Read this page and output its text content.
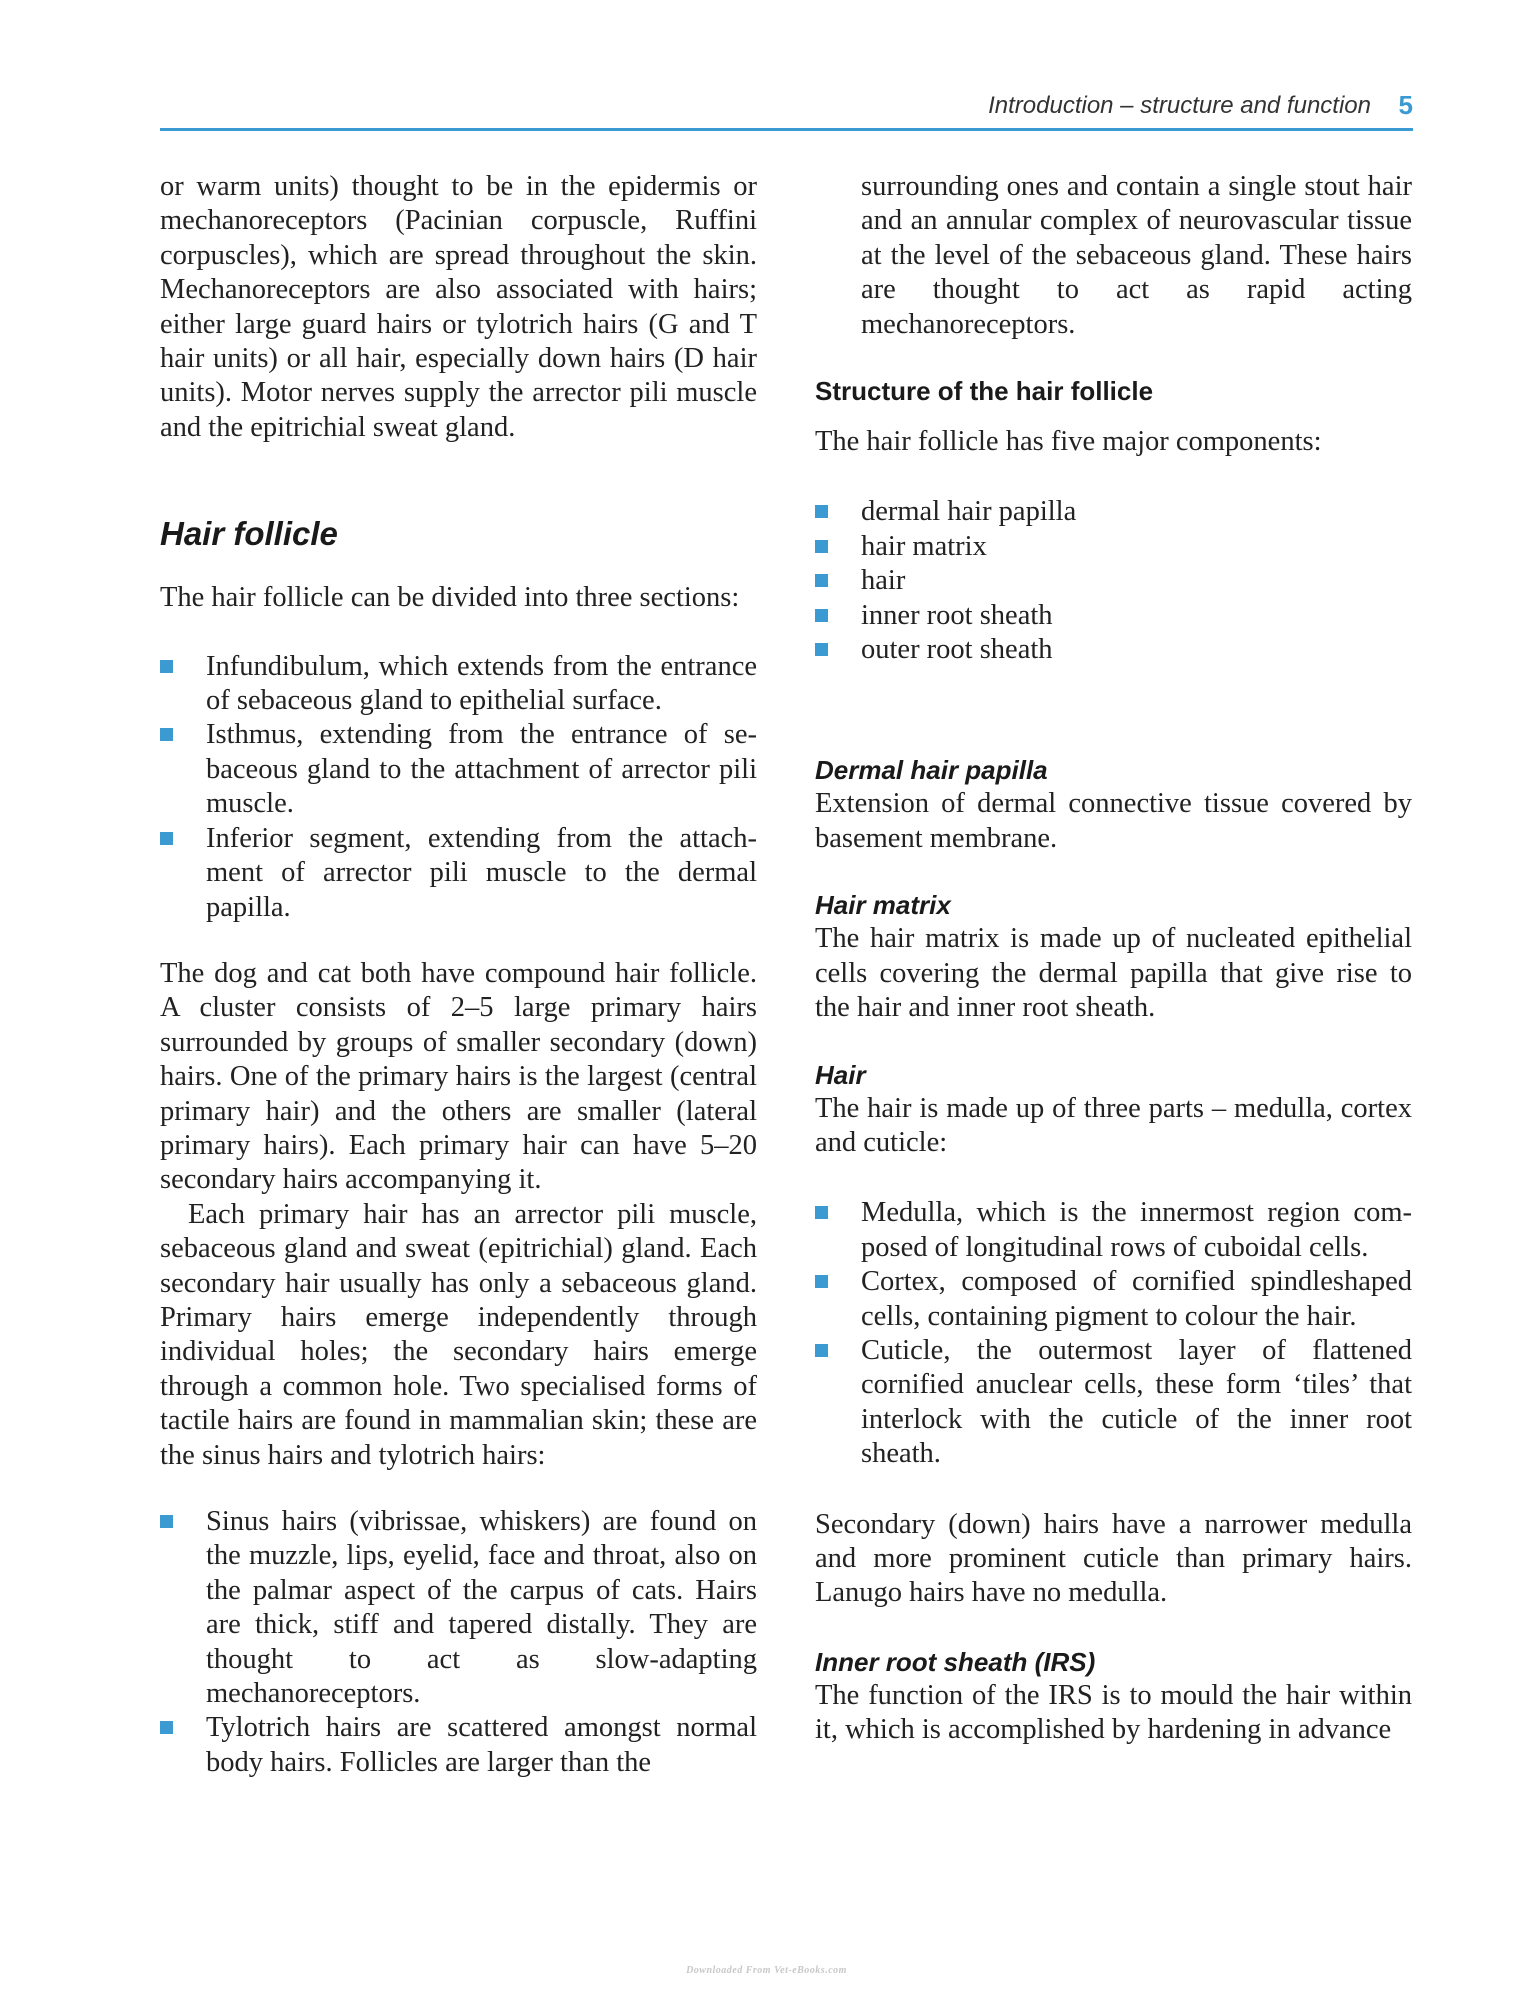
Introduction – structure and function 5

or warm units) thought to be in the epidermis or mechanoreceptors (Pacinian corpuscle, Ruffini corpuscles), which are spread throughout the skin. Mechanoreceptors are also associated with hairs; either large guard hairs or tylotrich hairs (G and T hair units) or all hair, especially down hairs (D hair units). Motor nerves supply the arrector pili muscle and the epitrichial sweat gland.

Hair follicle

The hair follicle can be divided into three sections:

Infundibulum, which extends from the entrance of sebaceous gland to epithelial surface.
Isthmus, extending from the entrance of sebaceous gland to the attachment of arrector pili muscle.
Inferior segment, extending from the attachment of arrector pili muscle to the dermal papilla.

The dog and cat both have compound hair follicle. A cluster consists of 2–5 large primary hairs surrounded by groups of smaller secondary (down) hairs. One of the primary hairs is the largest (central primary hair) and the others are smaller (lateral primary hairs). Each primary hair can have 5–20 secondary hairs accompanying it.

Each primary hair has an arrector pili muscle, sebaceous gland and sweat (epitrichial) gland. Each secondary hair usually has only a sebaceous gland. Primary hairs emerge independently through individual holes; the secondary hairs emerge through a common hole. Two specialised forms of tactile hairs are found in mammalian skin; these are the sinus hairs and tylotrich hairs:

Sinus hairs (vibrissae, whiskers) are found on the muzzle, lips, eyelid, face and throat, also on the palmar aspect of the carpus of cats. Hairs are thick, stiff and tapered distally. They are thought to act as slow-adapting mechanoreceptors.
Tylotrich hairs are scattered amongst normal body hairs. Follicles are larger than the
surrounding ones and contain a single stout hair and an annular complex of neurovascular tissue at the level of the sebaceous gland. These hairs are thought to act as rapid acting mechanoreceptors.
Structure of the hair follicle

The hair follicle has five major components:

dermal hair papilla
hair matrix
hair
inner root sheath
outer root sheath
Dermal hair papilla

Extension of dermal connective tissue covered by basement membrane.

Hair matrix

The hair matrix is made up of nucleated epithelial cells covering the dermal papilla that give rise to the hair and inner root sheath.

Hair

The hair is made up of three parts – medulla, cortex and cuticle:

Medulla, which is the innermost region composed of longitudinal rows of cuboidal cells.
Cortex, composed of cornified spindleshaped cells, containing pigment to colour the hair.
Cuticle, the outermost layer of flattened cornified anuclear cells, these form ‘tiles’ that interlock with the cuticle of the inner root sheath.

Secondary (down) hairs have a narrower medulla and more prominent cuticle than primary hairs. Lanugo hairs have no medulla.

Inner root sheath (IRS)

The function of the IRS is to mould the hair within it, which is accomplished by hardening in advance

Downloaded From Vet-eBooks.com
